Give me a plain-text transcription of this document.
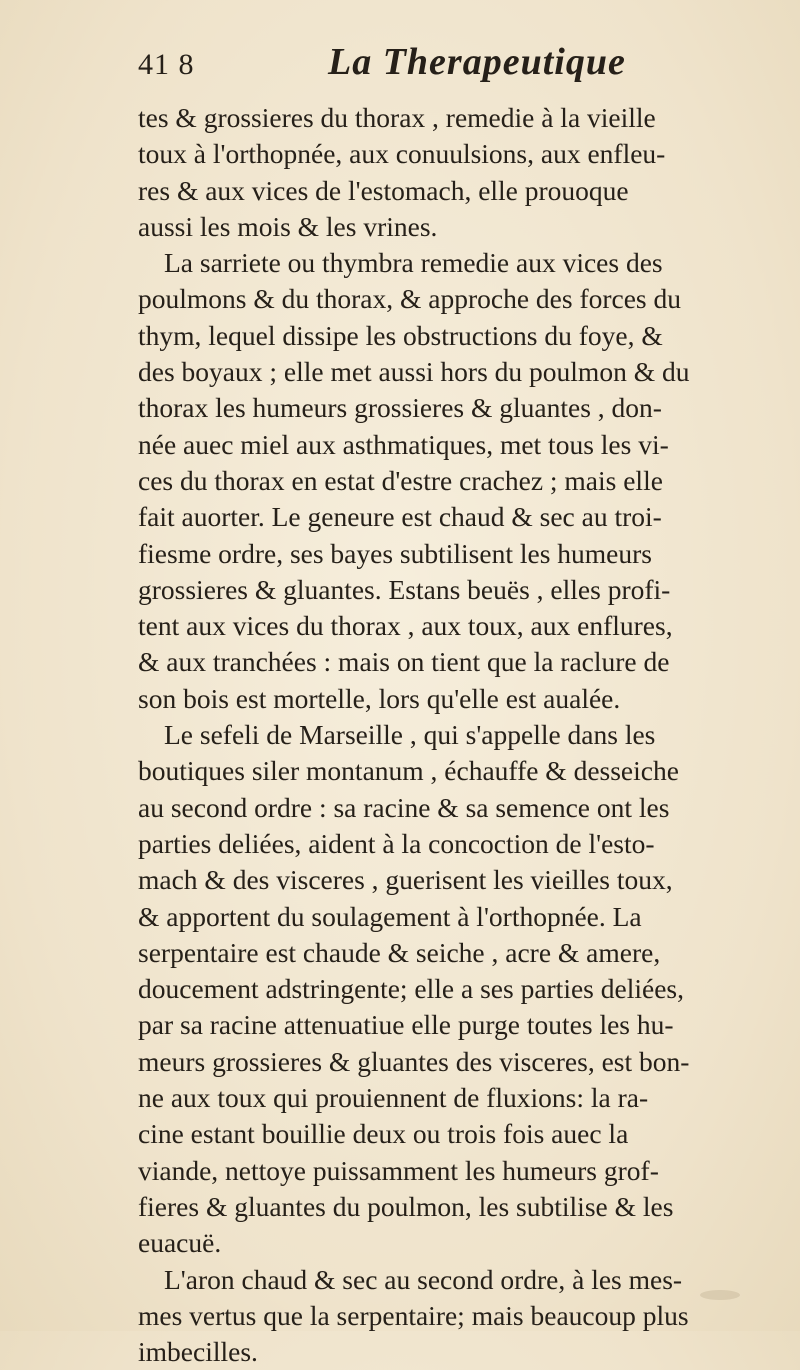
41 8	La Therapeutique
tes & grossieres du thorax , remedie à la vieille
toux à l'orthopnée, aux conuulsions, aux enfleu-
res & aux vices de l'estomach, elle prouoque
aussi les mois & les vrines.
La sarriete ou thymbra remedie aux vices des
poulmons & du thorax, & approche des forces du
thym, lequel dissipe les obstructions du foye, &
des boyaux ; elle met aussi hors du poulmon & du
thorax les humeurs grossieres & gluantes , don-
née auec miel aux asthmatiques, met tous les vi-
ces du thorax en estat d'estre crachez ; mais elle
fait auorter. Le geneure est chaud & sec au troi-
fiesme ordre, ses bayes subtilisent les humeurs
grossieres & gluantes. Estans beuës , elles profi-
tent aux vices du thorax , aux toux, aux enflures,
& aux tranchées : mais on tient que la raclure de
son bois est mortelle, lors qu'elle est aualée.
Le sefeli de Marseille , qui s'appelle dans les
boutiques siler montanum , échauffe & desseiche
au second ordre : sa racine & sa semence ont les
parties deliées, aident à la concoction de l'esto-
mach & des visceres , guerisent les vieilles toux,
& apportent du soulagement à l'orthopnée. La
serpentaire est chaude & seiche , acre & amere,
doucement adstringente; elle a ses parties deliées,
par sa racine attenuatiue elle purge toutes les hu-
meurs grossieres & gluantes des visceres, est bon-
ne aux toux qui prouiennent de fluxions: la ra-
cine estant bouillie deux ou trois fois auec la
viande, nettoye puissamment les humeurs grof-
fieres & gluantes du poulmon, les subtilise & les
euacuë.
L'aron chaud & sec au second ordre, à les mes-
mes vertus que la serpentaire; mais beaucoup plus
imbecilles.
